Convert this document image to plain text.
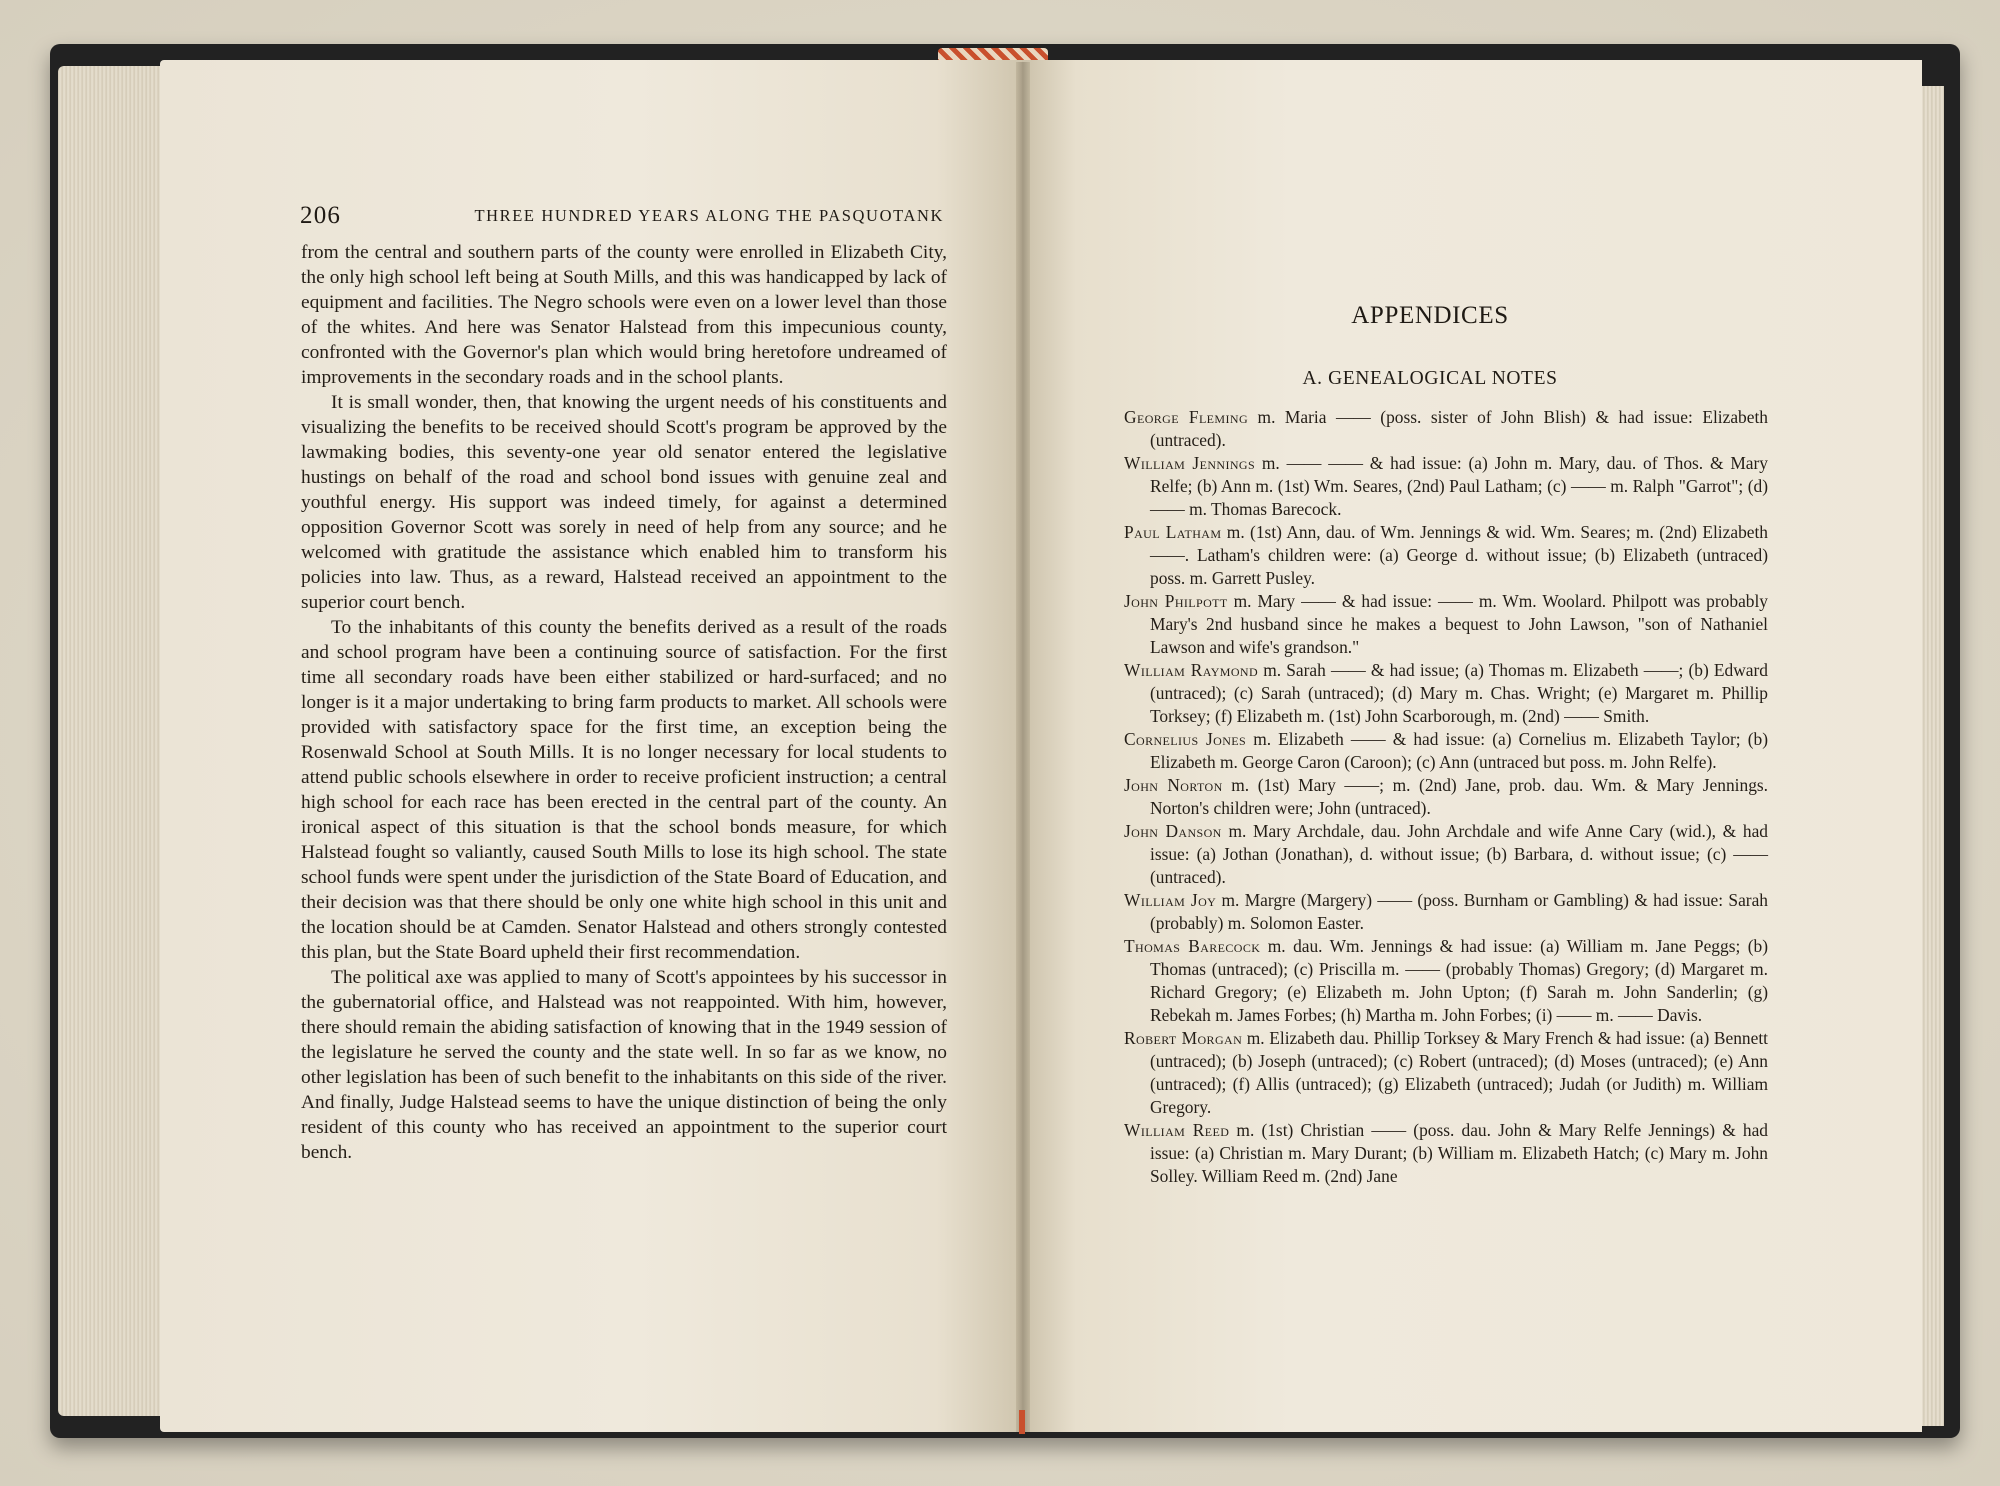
206	THREE HUNDRED YEARS ALONG THE PASQUOTANK

from the central and southern parts of the county were enrolled in Elizabeth City, the only high school left being at South Mills, and this was handicapped by lack of equipment and facilities. The Negro schools were even on a lower level than those of the whites. And here was Senator Halstead from this impecunious county, confronted with the Governor's plan which would bring heretofore undreamed of improvements in the secondary roads and in the school plants.

It is small wonder, then, that knowing the urgent needs of his constituents and visualizing the benefits to be received should Scott's program be approved by the lawmaking bodies, this seventy-one year old senator entered the legislative hustings on behalf of the road and school bond issues with genuine zeal and youthful energy. His support was indeed timely, for against a determined opposition Governor Scott was sorely in need of help from any source; and he welcomed with gratitude the assistance which enabled him to transform his policies into law. Thus, as a reward, Halstead received an appointment to the superior court bench.

To the inhabitants of this county the benefits derived as a result of the roads and school program have been a continuing source of satisfaction. For the first time all secondary roads have been either stabilized or hard-surfaced; and no longer is it a major undertaking to bring farm products to market. All schools were provided with satisfactory space for the first time, an exception being the Rosenwald School at South Mills. It is no longer necessary for local students to attend public schools elsewhere in order to receive proficient instruction; a central high school for each race has been erected in the central part of the county. An ironical aspect of this situation is that the school bonds measure, for which Halstead fought so valiantly, caused South Mills to lose its high school. The state school funds were spent under the jurisdiction of the State Board of Education, and their decision was that there should be only one white high school in this unit and the location should be at Camden. Senator Halstead and others strongly contested this plan, but the State Board upheld their first recommendation.

The political axe was applied to many of Scott's appointees by his successor in the gubernatorial office, and Halstead was not reappointed. With him, however, there should remain the abiding satisfaction of knowing that in the 1949 session of the legislature he served the county and the state well. In so far as we know, no other legislation has been of such benefit to the inhabitants on this side of the river. And finally, Judge Halstead seems to have the unique distinction of being the only resident of this county who has received an appointment to the superior court bench.

APPENDICES
A. GENEALOGICAL NOTES

George Fleming m. Maria —— (poss. sister of John Blish) & had issue: Elizabeth (untraced).

William Jennings m. —— —— & had issue: (a) John m. Mary, dau. of Thos. & Mary Relfe; (b) Ann m. (1st) Wm. Seares, (2nd) Paul Latham; (c) —— m. Ralph "Garrot"; (d) —— m. Thomas Barecock.

Paul Latham m. (1st) Ann, dau. of Wm. Jennings & wid. Wm. Seares; m. (2nd) Elizabeth ——. Latham's children were: (a) George d. without issue; (b) Elizabeth (untraced) poss. m. Garrett Pusley.

John Philpott m. Mary —— & had issue: —— m. Wm. Woolard. Philpott was probably Mary's 2nd husband since he makes a bequest to John Lawson, "son of Nathaniel Lawson and wife's grandson."

William Raymond m. Sarah —— & had issue; (a) Thomas m. Elizabeth ——; (b) Edward (untraced); (c) Sarah (untraced); (d) Mary m. Chas. Wright; (e) Margaret m. Phillip Torksey; (f) Elizabeth m. (1st) John Scarborough, m. (2nd) —— Smith.

Cornelius Jones m. Elizabeth —— & had issue: (a) Cornelius m. Elizabeth Taylor; (b) Elizabeth m. George Caron (Caroon); (c) Ann (untraced but poss. m. John Relfe).

John Norton m. (1st) Mary ——; m. (2nd) Jane, prob. dau. Wm. & Mary Jennings. Norton's children were; John (untraced).

John Danson m. Mary Archdale, dau. John Archdale and wife Anne Cary (wid.), & had issue: (a) Jothan (Jonathan), d. without issue; (b) Barbara, d. without issue; (c) —— (untraced).

William Joy m. Margre (Margery) —— (poss. Burnham or Gambling) & had issue: Sarah (probably) m. Solomon Easter.

Thomas Barecock m. dau. Wm. Jennings & had issue: (a) William m. Jane Peggs; (b) Thomas (untraced); (c) Priscilla m. —— (probably Thomas) Gregory; (d) Margaret m. Richard Gregory; (e) Elizabeth m. John Upton; (f) Sarah m. John Sanderlin; (g) Rebekah m. James Forbes; (h) Martha m. John Forbes; (i) —— m. —— Davis.

Robert Morgan m. Elizabeth dau. Phillip Torksey & Mary French & had issue: (a) Bennett (untraced); (b) Joseph (untraced); (c) Robert (untraced); (d) Moses (untraced); (e) Ann (untraced); (f) Allis (untraced); (g) Elizabeth (untraced); Judah (or Judith) m. William Gregory.

William Reed m. (1st) Christian —— (poss. dau. John & Mary Relfe Jennings) & had issue: (a) Christian m. Mary Durant; (b) William m. Elizabeth Hatch; (c) Mary m. John Solley. William Reed m. (2nd) Jane
